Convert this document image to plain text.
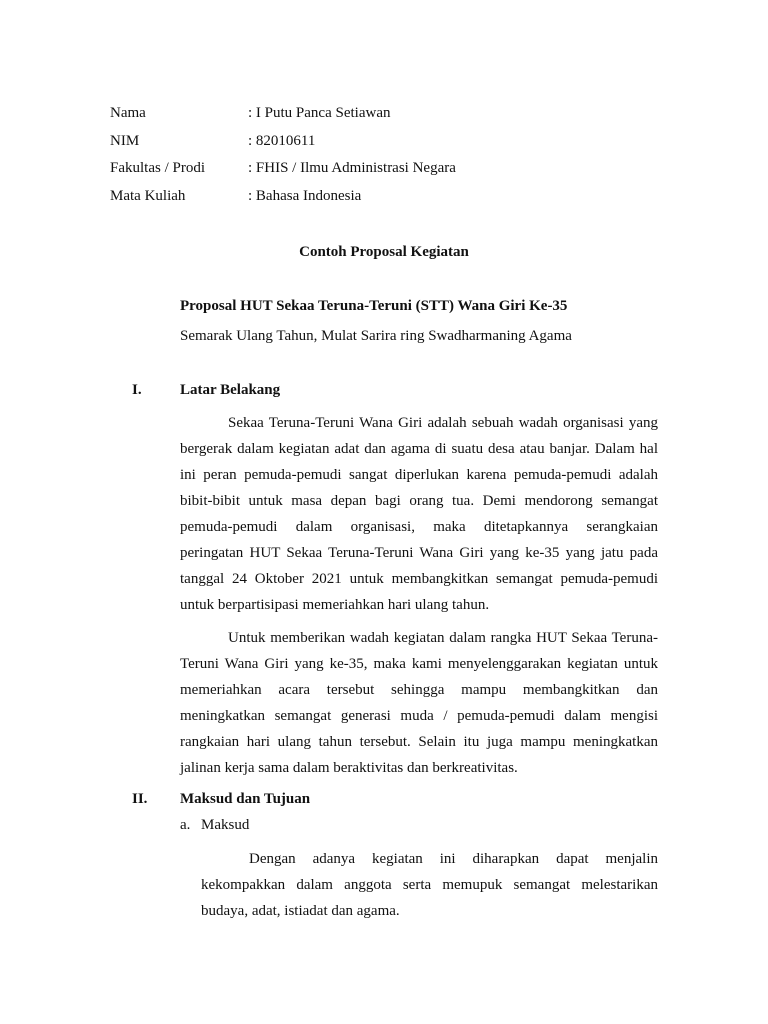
Nama	: I Putu Panca Setiawan
NIM	: 82010611
Fakultas / Prodi	: FHIS / Ilmu Administrasi Negara
Mata Kuliah	: Bahasa Indonesia
Contoh Proposal Kegiatan
Proposal HUT Sekaa Teruna-Teruni (STT) Wana Giri Ke-35
Semarak Ulang Tahun, Mulat Sarira ring Swadharmaning Agama
I.	Latar Belakang
Sekaa Teruna-Teruni Wana Giri adalah sebuah wadah organisasi yang
bergerak dalam kegiatan adat dan agama di suatu desa atau banjar. Dalam hal
ini peran pemuda-pemudi sangat diperlukan karena pemuda-pemudi adalah
bibit-bibit untuk masa depan bagi orang tua. Demi mendorong semangat
pemuda-pemudi dalam organisasi, maka ditetapkannya serangkaian
peringatan HUT Sekaa Teruna-Teruni Wana Giri yang ke-35 yang jatu pada
tanggal 24 Oktober 2021 untuk membangkitkan semangat pemuda-pemudi
untuk berpartisipasi memeriahkan hari ulang tahun.
Untuk memberikan wadah kegiatan dalam rangka HUT Sekaa Teruna-
Teruni Wana Giri yang ke-35, maka kami menyelenggarakan kegiatan untuk
memeriahkan acara tersebut sehingga mampu membangkitkan dan
meningkatkan semangat generasi muda / pemuda-pemudi dalam mengisi
rangkaian hari ulang tahun tersebut. Selain itu juga mampu meningkatkan
jalinan kerja sama dalam beraktivitas dan berkreativitas.
II. Maksud dan Tujuan
a. Maksud
Dengan adanya kegiatan ini diharapkan dapat menjalin
kekompakkan dalam anggota serta memupuk semangat melestarikan
budaya, adat, istiadat dan agama.
